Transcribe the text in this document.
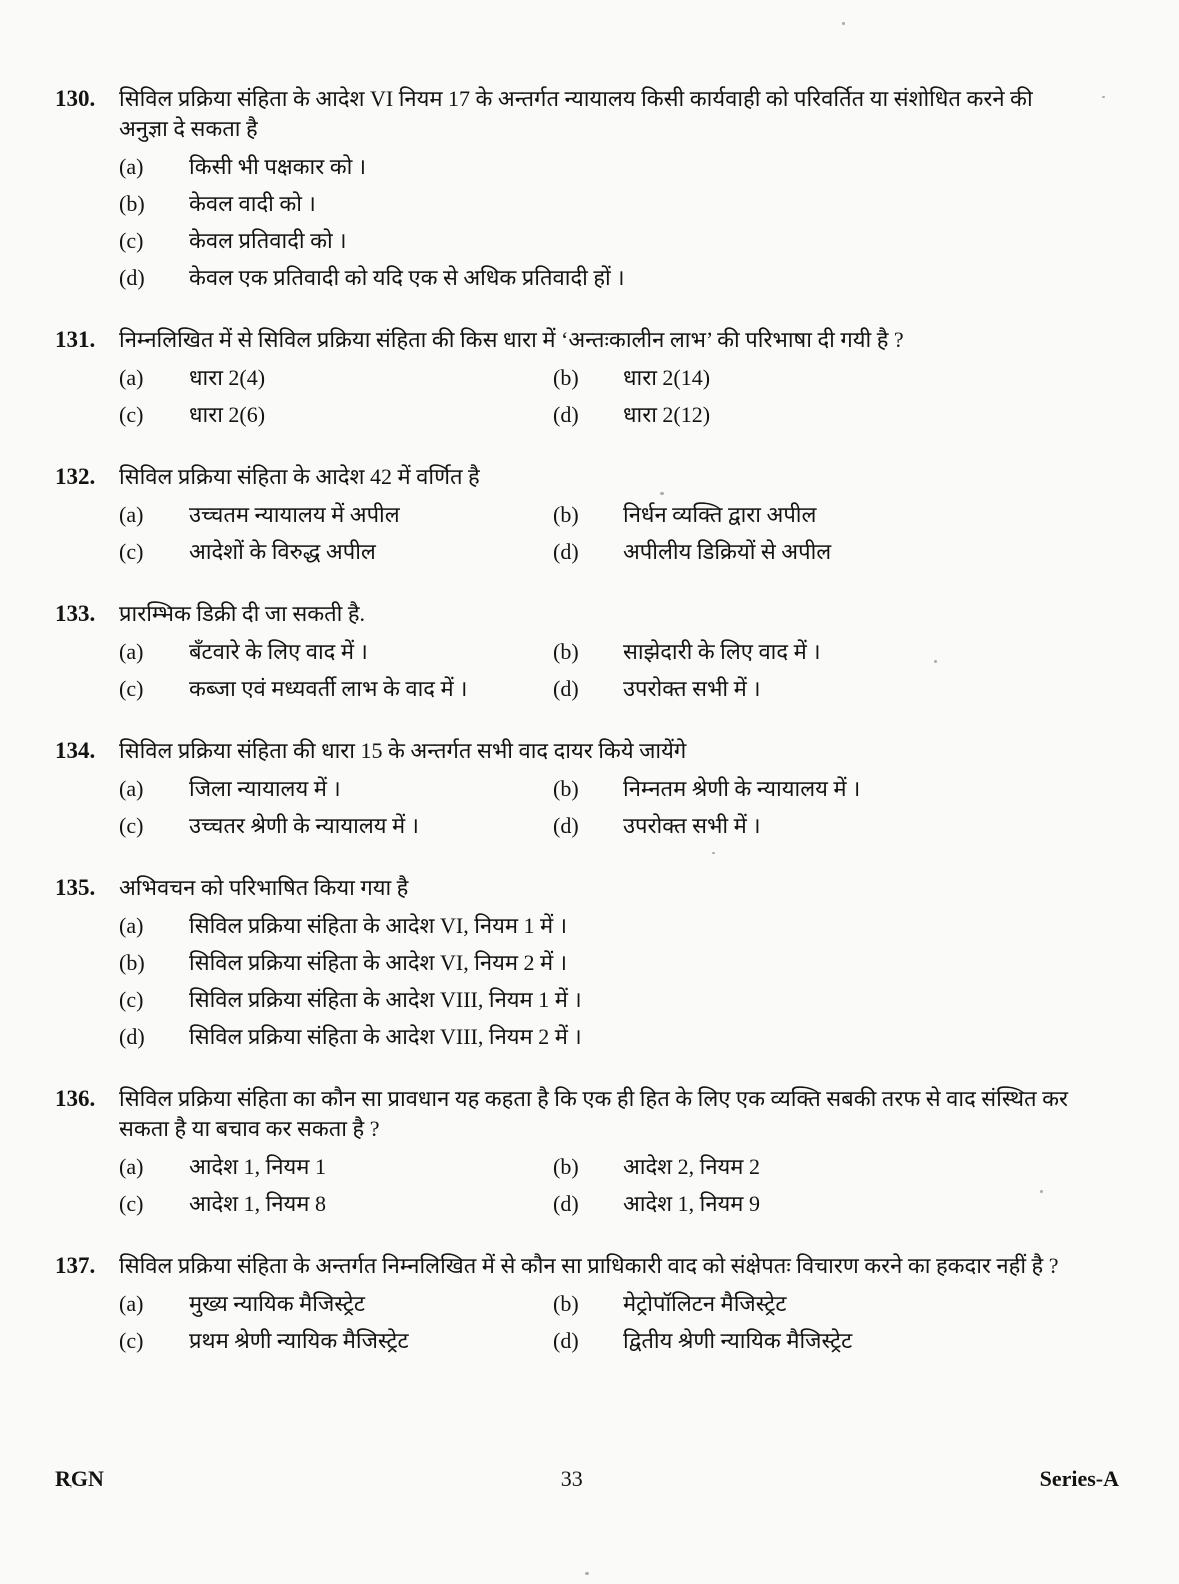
130.	सिविल प्रक्रिया संहिता के आदेश VI नियम 17 के अन्तर्गत न्यायालय किसी कार्यवाही को परिवर्तित या संशोधित करने की अनुज्ञा दे सकता है
(a)	किसी भी पक्षकार को ।
(b)	केवल वादी को ।
(c)	केवल प्रतिवादी को ।
(d)	केवल एक प्रतिवादी को यदि एक से अधिक प्रतिवादी हों ।
131.	निम्नलिखित में से सिविल प्रक्रिया संहिता की किस धारा में ‘अन्तःकालीन लाभ’ की परिभाषा दी गयी है ?
(a)	धारा 2(4)	(b)	धारा 2(14)
(c)	धारा 2(6)	(d)	धारा 2(12)
132.	सिविल प्रक्रिया संहिता के आदेश 42 में वर्णित है
(a)	उच्चतम न्यायालय में अपील	(b)	निर्धन व्यक्ति द्वारा अपील
(c)	आदेशों के विरुद्ध अपील	(d)	अपीलीय डिक्रियों से अपील
133.	प्रारम्भिक डिक्री दी जा सकती है.
(a)	बँटवारे के लिए वाद में ।	(b)	साझेदारी के लिए वाद में ।
(c)	कब्जा एवं मध्यवर्ती लाभ के वाद में ।	(d)	उपरोक्त सभी में ।
134.	सिविल प्रक्रिया संहिता की धारा 15 के अन्तर्गत सभी वाद दायर किये जायेंगे
(a)	जिला न्यायालय में ।	(b)	निम्नतम श्रेणी के न्यायालय में ।
(c)	उच्चतर श्रेणी के न्यायालय में ।	(d)	उपरोक्त सभी में ।
135.	अभिवचन को परिभाषित किया गया है
(a)	सिविल प्रक्रिया संहिता के आदेश VI, नियम 1 में ।
(b)	सिविल प्रक्रिया संहिता के आदेश VI, नियम 2 में ।
(c)	सिविल प्रक्रिया संहिता के आदेश VIII, नियम 1 में ।
(d)	सिविल प्रक्रिया संहिता के आदेश VIII, नियम 2 में ।
136.	सिविल प्रक्रिया संहिता का कौन सा प्रावधान यह कहता है कि एक ही हित के लिए एक व्यक्ति सबकी तरफ से वाद संस्थित कर सकता है या बचाव कर सकता है ?
(a)	आदेश 1, नियम 1	(b)	आदेश 2, नियम 2
(c)	आदेश 1, नियम 8	(d)	आदेश 1, नियम 9
137.	सिविल प्रक्रिया संहिता के अन्तर्गत निम्नलिखित में से कौन सा प्राधिकारी वाद को संक्षेपतः विचारण करने का हकदार नहीं है ?
(a)	मुख्य न्यायिक मैजिस्ट्रेट	(b)	मेट्रोपॉलिटन मैजिस्ट्रेट
(c)	प्रथम श्रेणी न्यायिक मैजिस्ट्रेट	(d)	द्वितीय श्रेणी न्यायिक मैजिस्ट्रेट
RGN	33	Series-A
